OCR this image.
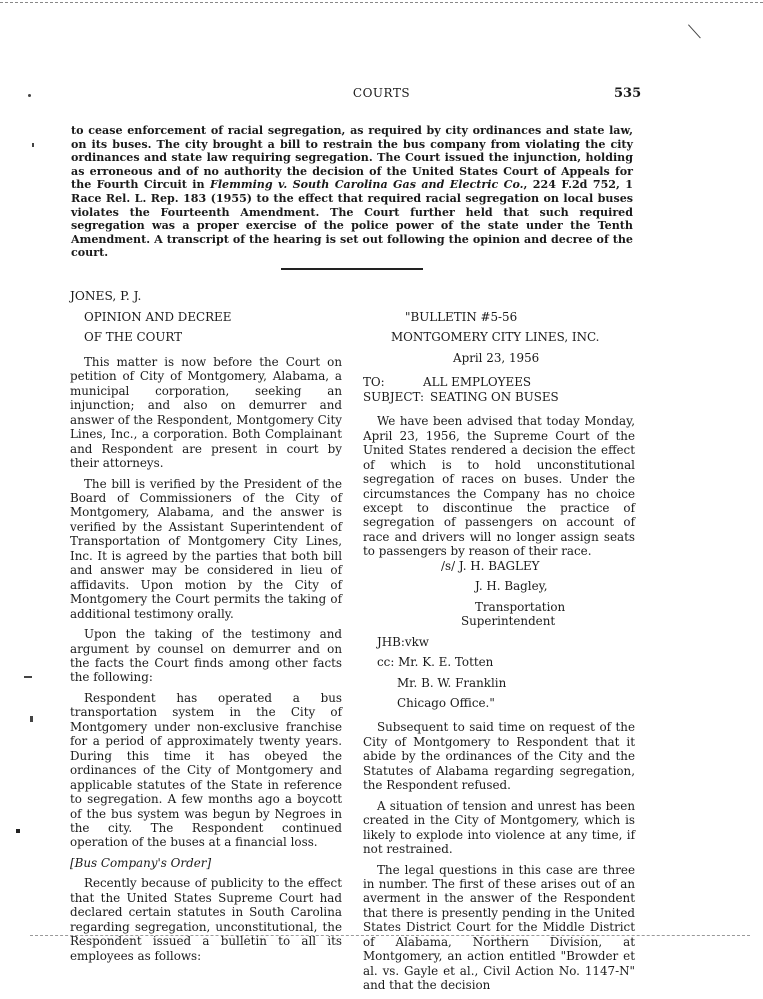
COURTS	535
to cease enforcement of racial segregation, as required by city ordinances and state law, on its buses. The city brought a bill to restrain the bus company from violating the city ordinances and state law requiring segregation. The Court issued the injunction, holding as erroneous and of no authority the decision of the United States Court of Appeals for the Fourth Circuit in Flemming v. South Carolina Gas and Electric Co., 224 F.2d 752, 1 Race Rel. L. Rep. 183 (1955) to the effect that required racial segregation on local buses violates the Fourteenth Amendment. The Court further held that such required segregation was a proper exercise of the police power of the state under the Tenth Amendment. A transcript of the hearing is set out following the opinion and decree of the court.
JONES, P. J.

OPINION AND DECREE

OF THE COURT

This matter is now before the Court on petition of City of Montgomery, Alabama, a municipal corporation, seeking an injunction; and also on demurrer and answer of the Respondent, Montgomery City Lines, Inc., a corporation. Both Complainant and Respondent are present in court by their attorneys.

The bill is verified by the President of the Board of Commissioners of the City of Montgomery, Alabama, and the answer is verified by the Assistant Superintendent of Transportation of Montgomery City Lines, Inc. It is agreed by the parties that both bill and answer may be considered in lieu of affidavits. Upon motion by the City of Montgomery the Court permits the taking of additional testimony orally.

Upon the taking of the testimony and argument by counsel on demurrer and on the facts the Court finds among other facts the following:

Respondent has operated a bus transportation system in the City of Montgomery under non-exclusive franchise for a period of approximately twenty years. During this time it has obeyed the ordinances of the City of Montgomery and applicable statutes of the State in reference to segregation. A few months ago a boycott of the bus system was begun by Negroes in the city. The Respondent continued operation of the buses at a financial loss.

[Bus Company's Order]

Recently because of publicity to the effect that the United States Supreme Court had declared certain statutes in South Carolina regarding segregation, unconstitutional, the Respondent issued a bulletin to all its employees as follows:

"BULLETIN #5-56

MONTGOMERY CITY LINES, INC.

April 23, 1956

TO:	ALL EMPLOYEES
SUBJECT: SEATING ON BUSES

We have been advised that today Monday, April 23, 1956, the Supreme Court of the United States rendered a decision the effect of which is to hold unconstitutional segregation of races on buses. Under the circumstances the Company has no choice except to discontinue the practice of segregation of passengers on account of race and drivers will no longer assign seats to passengers by reason of their race.

/s/ J. H. BAGLEY

J. H. Bagley,

Transportation Superintendent

JHB:vkw

cc: Mr. K. E. Totten

Mr. B. W. Franklin

Chicago Office."

Subsequent to said time on request of the City of Montgomery to Respondent that it abide by the ordinances of the City and the Statutes of Alabama regarding segregation, the Respondent refused.

A situation of tension and unrest has been created in the City of Montgomery, which is likely to explode into violence at any time, if not restrained.

The legal questions in this case are three in number. The first of these arises out of an averment in the answer of the Respondent that there is presently pending in the United States District Court for the Middle District of Alabama, Northern Division, at Montgomery, an action entitled "Browder et al. vs. Gayle et al., Civil Action No. 1147-N" and that the decision
